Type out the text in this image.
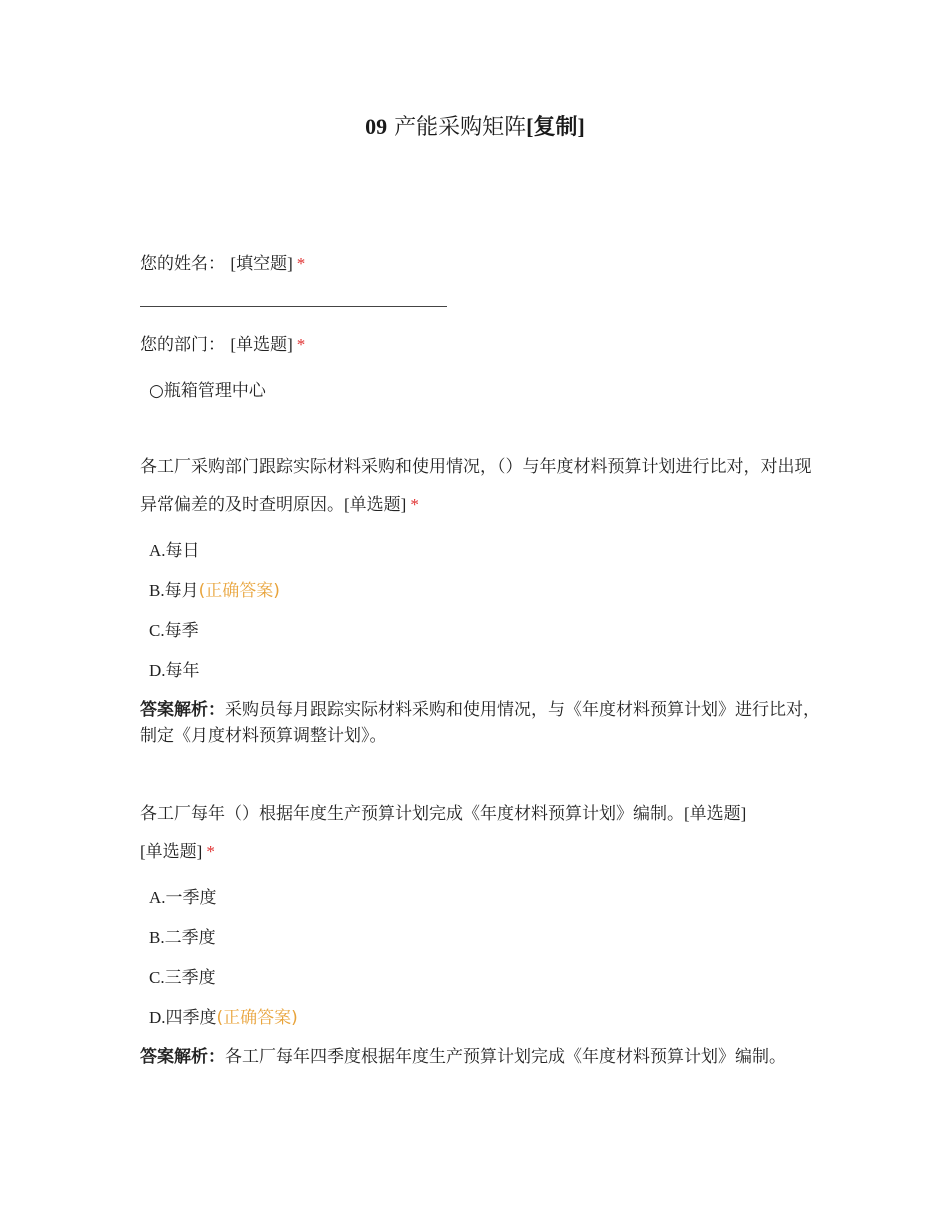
09 产能采购矩阵[复制]
您的姓名： [填空题] *
您的部门： [单选题] *
○瓶箱管理中心
各工厂采购部门跟踪实际材料采购和使用情况，（）与年度材料预算计划进行比对，对出现异常偏差的及时查明原因。[单选题] *
A.每日
B.每月(正确答案)
C.每季
D.每年
答案解析：采购员每月跟踪实际材料采购和使用情况，与《年度材料预算计划》进行比对，制定《月度材料预算调整计划》。
各工厂每年（）根据年度生产预算计划完成《年度材料预算计划》编制。[单选题]
[单选题] *
A.一季度
B.二季度
C.三季度
D.四季度(正确答案)
答案解析：各工厂每年四季度根据年度生产预算计划完成《年度材料预算计划》编制。
